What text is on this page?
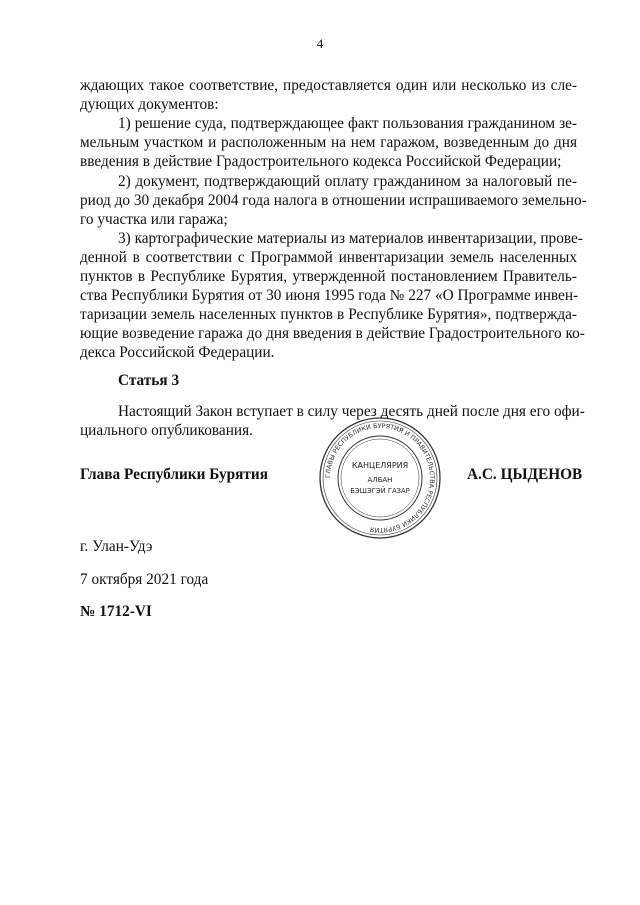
4
ждающих такое соответствие, предоставляется один или несколько из сле-
дующих документов:
1) решение суда, подтверждающее факт пользования гражданином зе-
мельным участком и расположенным на нем гаражом, возведенным до дня
введения в действие Градостроительного кодекса Российской Федерации;
2) документ, подтверждающий оплату гражданином за налоговый пе-
риод до 30 декабря 2004 года налога в отношении испрашиваемого земельно-
го участка или гаража;
3) картографические материалы из материалов инвентаризации, прове-
денной в соответствии с Программой инвентаризации земель населенных
пунктов в Республике Бурятия, утвержденной постановлением Правитель-
ства Республики Бурятия от 30 июня 1995 года № 227 «О Программе инвен-
таризации земель населенных пунктов в Республике Бурятия», подтвержда-
ющие возведение гаража до дня введения в действие Градостроительного ко-
декса Российской Федерации.
Статья 3
Настоящий Закон вступает в силу через десять дней после дня его офи-
циального опубликования.
ГЛАВЫ РЕСПУБЛИКИ БУРЯТИЯ И ПРАВИТЕЛЬСТВА РЕСПУБЛИКИ БУРЯТИЯ
КАНЦЕЛЯРИЯ
АЛБАН
БЭШЭГЭЙ ГАЗАР
Глава Республики Бурятия	А.С. ЦЫДЕНОВ
г. Улан-Удэ
7 октября 2021 года
№ 1712-VI
